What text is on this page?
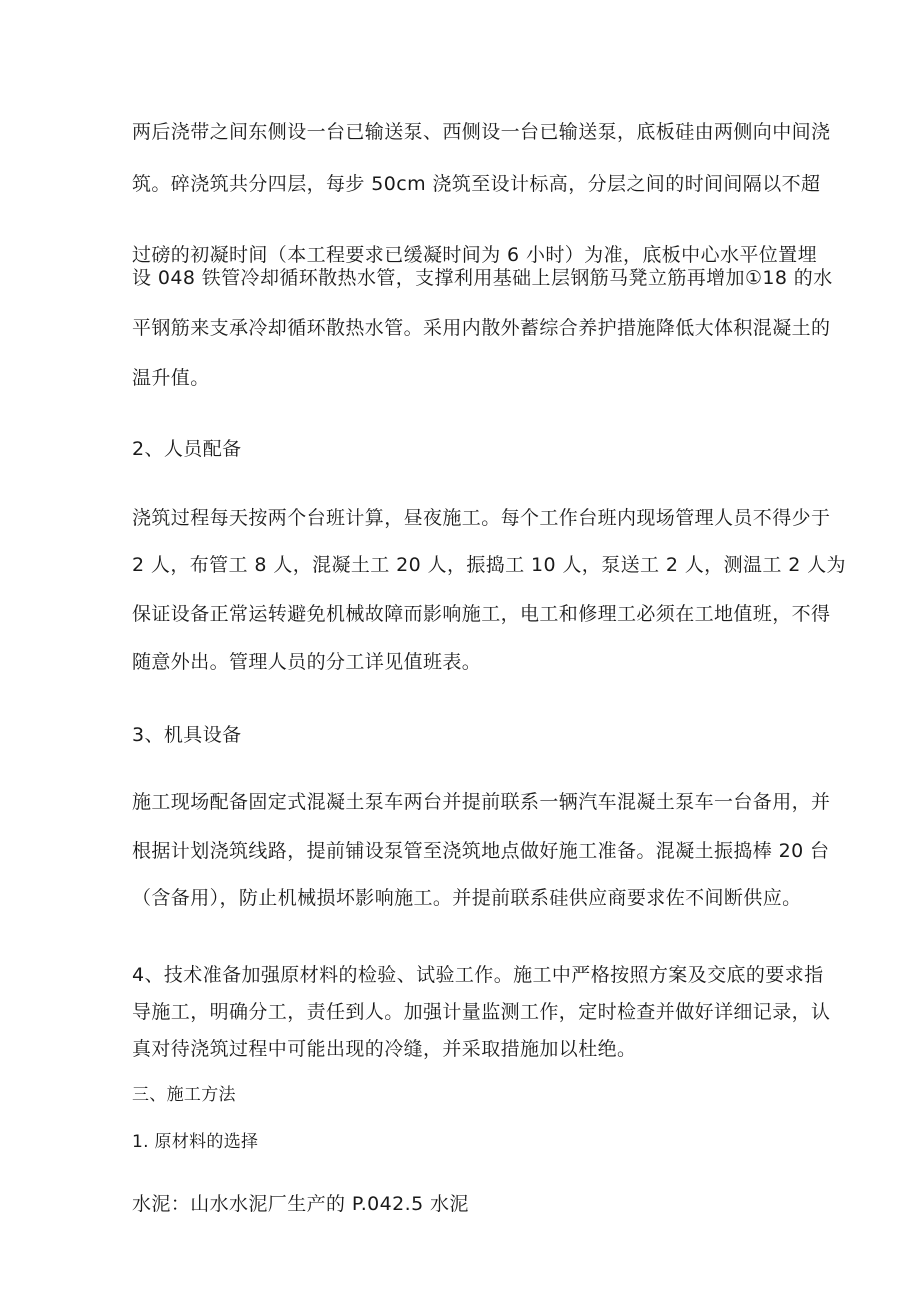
两后浇带之间东侧设一台已输送泵、西侧设一台已输送泵，底板硅由两侧向中间浇
筑。碎浇筑共分四层，每步 50cm 浇筑至设计标高，分层之间的时间间隔以不超
过磅的初凝时间（本工程要求已缓凝时间为 6 小时）为准，底板中心水平位置埋
设 048 铁管冷却循环散热水管，支撑利用基础上层钢筋马凳立筋再增加①18 的水
平钢筋来支承冷却循环散热水管。采用内散外蓄综合养护措施降低大体积混凝土的
温升值。
2、人员配备
浇筑过程每天按两个台班计算，昼夜施工。每个工作台班内现场管理人员不得少于
2 人，布管工 8 人，混凝土工 20 人，振捣工 10 人，泵送工 2 人，测温工 2 人为
保证设备正常运转避免机械故障而影响施工，电工和修理工必须在工地值班，不得
随意外出。管理人员的分工详见值班表。
3、机具设备
施工现场配备固定式混凝土泵车两台并提前联系一辆汽车混凝土泵车一台备用，并
根据计划浇筑线路，提前铺设泵管至浇筑地点做好施工准备。混凝土振捣棒 20 台
（含备用），防止机械损坏影响施工。并提前联系硅供应商要求佐不间断供应。
4、技术准备加强原材料的检验、试验工作。施工中严格按照方案及交底的要求指
导施工，明确分工，责任到人。加强计量监测工作，定时检查并做好详细记录，认
真对待浇筑过程中可能出现的冷缝，并采取措施加以杜绝。
三、施工方法
1. 原材料的选择
水泥：山水水泥厂生产的 P.042.5 水泥
